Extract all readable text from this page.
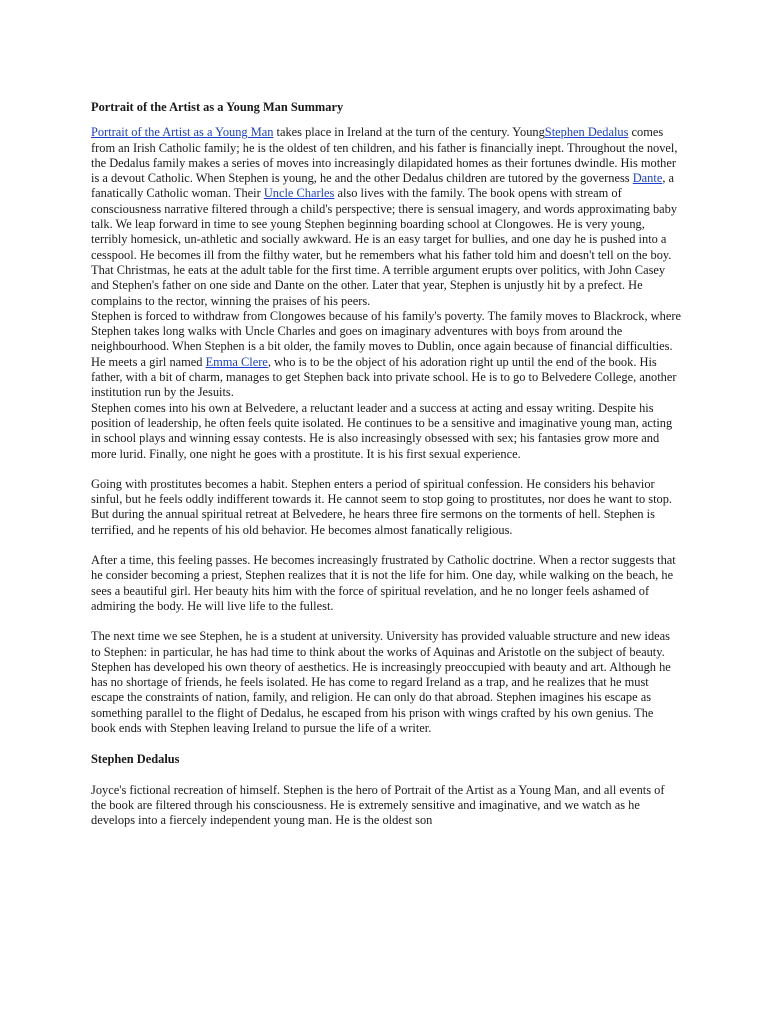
Portrait of the Artist as a Young Man Summary

Portrait of the Artist as a Young Man takes place in Ireland at the turn of the century. YoungStephen Dedalus comes from an Irish Catholic family; he is the oldest of ten children, and his father is financially inept. Throughout the novel, the Dedalus family makes a series of moves into increasingly dilapidated homes as their fortunes dwindle. His mother is a devout Catholic. When Stephen is young, he and the other Dedalus children are tutored by the governess Dante, a fanatically Catholic woman. Their Uncle Charles also lives with the family. The book opens with stream of consciousness narrative filtered through a child's perspective; there is sensual imagery, and words approximating baby talk. We leap forward in time to see young Stephen beginning boarding school at Clongowes. He is very young, terribly homesick, un-athletic and socially awkward. He is an easy target for bullies, and one day he is pushed into a cesspool. He becomes ill from the filthy water, but he remembers what his father told him and doesn't tell on the boy. That Christmas, he eats at the adult table for the first time. A terrible argument erupts over politics, with John Casey and Stephen's father on one side and Dante on the other. Later that year, Stephen is unjustly hit by a prefect. He complains to the rector, winning the praises of his peers.

Stephen is forced to withdraw from Clongowes because of his family's poverty. The family moves to Blackrock, where Stephen takes long walks with Uncle Charles and goes on imaginary adventures with boys from around the neighbourhood. When Stephen is a bit older, the family moves to Dublin, once again because of financial difficulties. He meets a girl named Emma Clere, who is to be the object of his adoration right up until the end of the book. His father, with a bit of charm, manages to get Stephen back into private school. He is to go to Belvedere College, another institution run by the Jesuits.

Stephen comes into his own at Belvedere, a reluctant leader and a success at acting and essay writing. Despite his position of leadership, he often feels quite isolated. He continues to be a sensitive and imaginative young man, acting in school plays and winning essay contests. He is also increasingly obsessed with sex; his fantasies grow more and more lurid. Finally, one night he goes with a prostitute. It is his first sexual experience.

Going with prostitutes becomes a habit. Stephen enters a period of spiritual confession. He considers his behavior sinful, but he feels oddly indifferent towards it. He cannot seem to stop going to prostitutes, nor does he want to stop. But during the annual spiritual retreat at Belvedere, he hears three fire sermons on the torments of hell. Stephen is terrified, and he repents of his old behavior. He becomes almost fanatically religious.

After a time, this feeling passes. He becomes increasingly frustrated by Catholic doctrine. When a rector suggests that he consider becoming a priest, Stephen realizes that it is not the life for him. One day, while walking on the beach, he sees a beautiful girl. Her beauty hits him with the force of spiritual revelation, and he no longer feels ashamed of admiring the body. He will live life to the fullest.

The next time we see Stephen, he is a student at university. University has provided valuable structure and new ideas to Stephen: in particular, he has had time to think about the works of Aquinas and Aristotle on the subject of beauty. Stephen has developed his own theory of aesthetics. He is increasingly preoccupied with beauty and art. Although he has no shortage of friends, he feels isolated. He has come to regard Ireland as a trap, and he realizes that he must escape the constraints of nation, family, and religion. He can only do that abroad. Stephen imagines his escape as something parallel to the flight of Dedalus, he escaped from his prison with wings crafted by his own genius. The book ends with Stephen leaving Ireland to pursue the life of a writer.

Stephen Dedalus

Joyce's fictional recreation of himself. Stephen is the hero of Portrait of the Artist as a Young Man, and all events of the book are filtered through his consciousness. He is extremely sensitive and imaginative, and we watch as he develops into a fiercely independent young man. He is the oldest son
